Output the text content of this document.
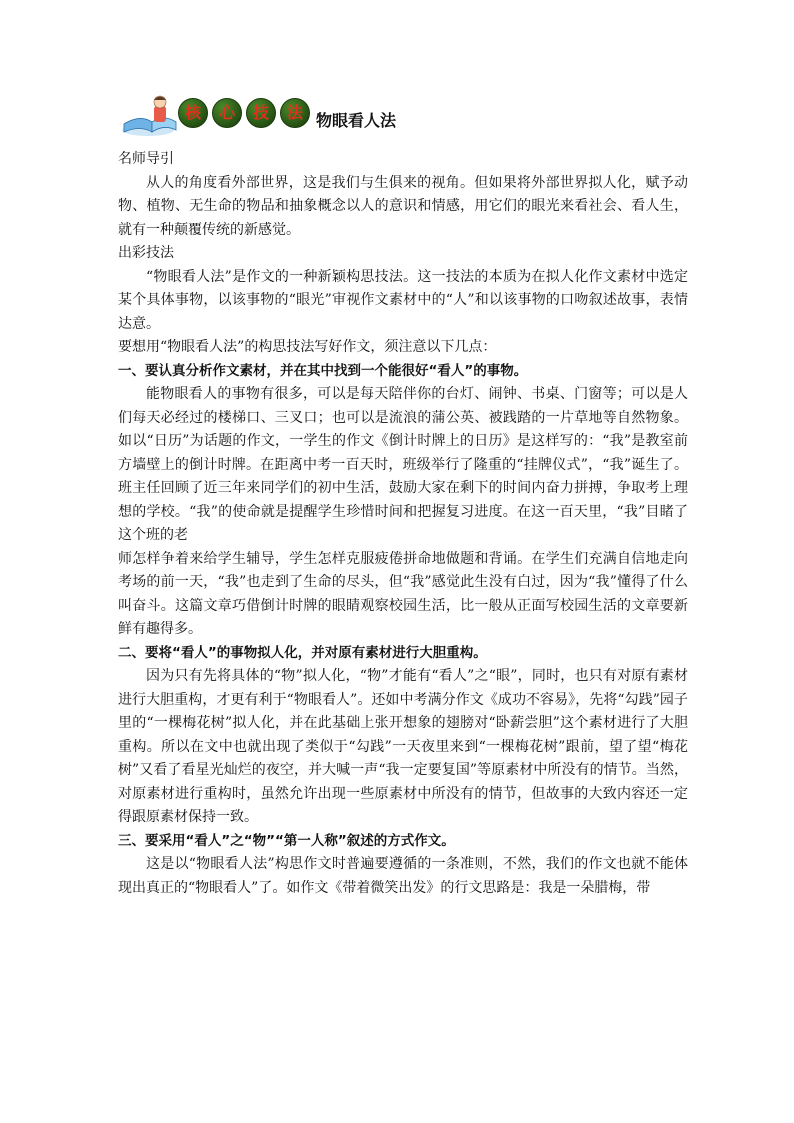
核	心	技	法 物眼看人法

名师导引

从人的角度看外部世界，这是我们与生俱来的视角。但如果将外部世界拟人化，赋予动物、植物、无生命的物品和抽象概念以人的意识和情感，用它们的眼光来看社会、看人生，就有一种颠覆传统的新感觉。

出彩技法

“物眼看人法”是作文的一种新颖构思技法。这一技法的本质为在拟人化作文素材中选定某个具体事物，以该事物的“眼光”审视作文素材中的“人”和以该事物的口吻叙述故事，表情达意。

要想用“物眼看人法”的构思技法写好作文，须注意以下几点：

一、要认真分析作文素材，并在其中找到一个能很好“看人”的事物。

能物眼看人的事物有很多，可以是每天陪伴你的台灯、闹钟、书桌、门窗等；可以是人们每天必经过的楼梯口、三叉口；也可以是流浪的蒲公英、被践踏的一片草地等自然物象。如以“日历”为话题的作文，一学生的作文《倒计时牌上的日历》是这样写的：“我”是教室前方墙壁上的倒计时牌。在距离中考一百天时，班级举行了隆重的“挂牌仪式”，“我”诞生了。班主任回顾了近三年来同学们的初中生活，鼓励大家在剩下的时间内奋力拼搏，争取考上理想的学校。“我”的使命就是提醒学生珍惜时间和把握复习进度。在这一百天里，“我”目睹了这个班的老

师怎样争着来给学生辅导，学生怎样克服疲倦拼命地做题和背诵。在学生们充满自信地走向考场的前一天，“我”也走到了生命的尽头，但“我”感觉此生没有白过，因为“我”懂得了什么叫奋斗。这篇文章巧借倒计时牌的眼睛观察校园生活，比一般从正面写校园生活的文章要新鲜有趣得多。

二、要将“看人”的事物拟人化，并对原有素材进行大胆重构。

因为只有先将具体的“物”拟人化，“物”才能有“看人”之“眼”，同时，也只有对原有素材进行大胆重构，才更有利于“物眼看人”。还如中考满分作文《成功不容易》，先将“勾践”园子里的“一棵梅花树”拟人化，并在此基础上张开想象的翅膀对“卧薪尝胆”这个素材进行了大胆重构。所以在文中也就出现了类似于“勾践”一天夜里来到“一棵梅花树”跟前，望了望“梅花树”又看了看星光灿烂的夜空，并大喊一声“我一定要复国”等原素材中所没有的情节。当然，对原素材进行重构时，虽然允许出现一些原素材中所没有的情节，但故事的大致内容还一定得跟原素材保持一致。

三、要采用“看人”之“物”“第一人称”叙述的方式作文。

这是以“物眼看人法”构思作文时普遍要遵循的一条准则，不然，我们的作文也就不能体现出真正的“物眼看人”了。如作文《带着微笑出发》的行文思路是：我是一朵腊梅，带
